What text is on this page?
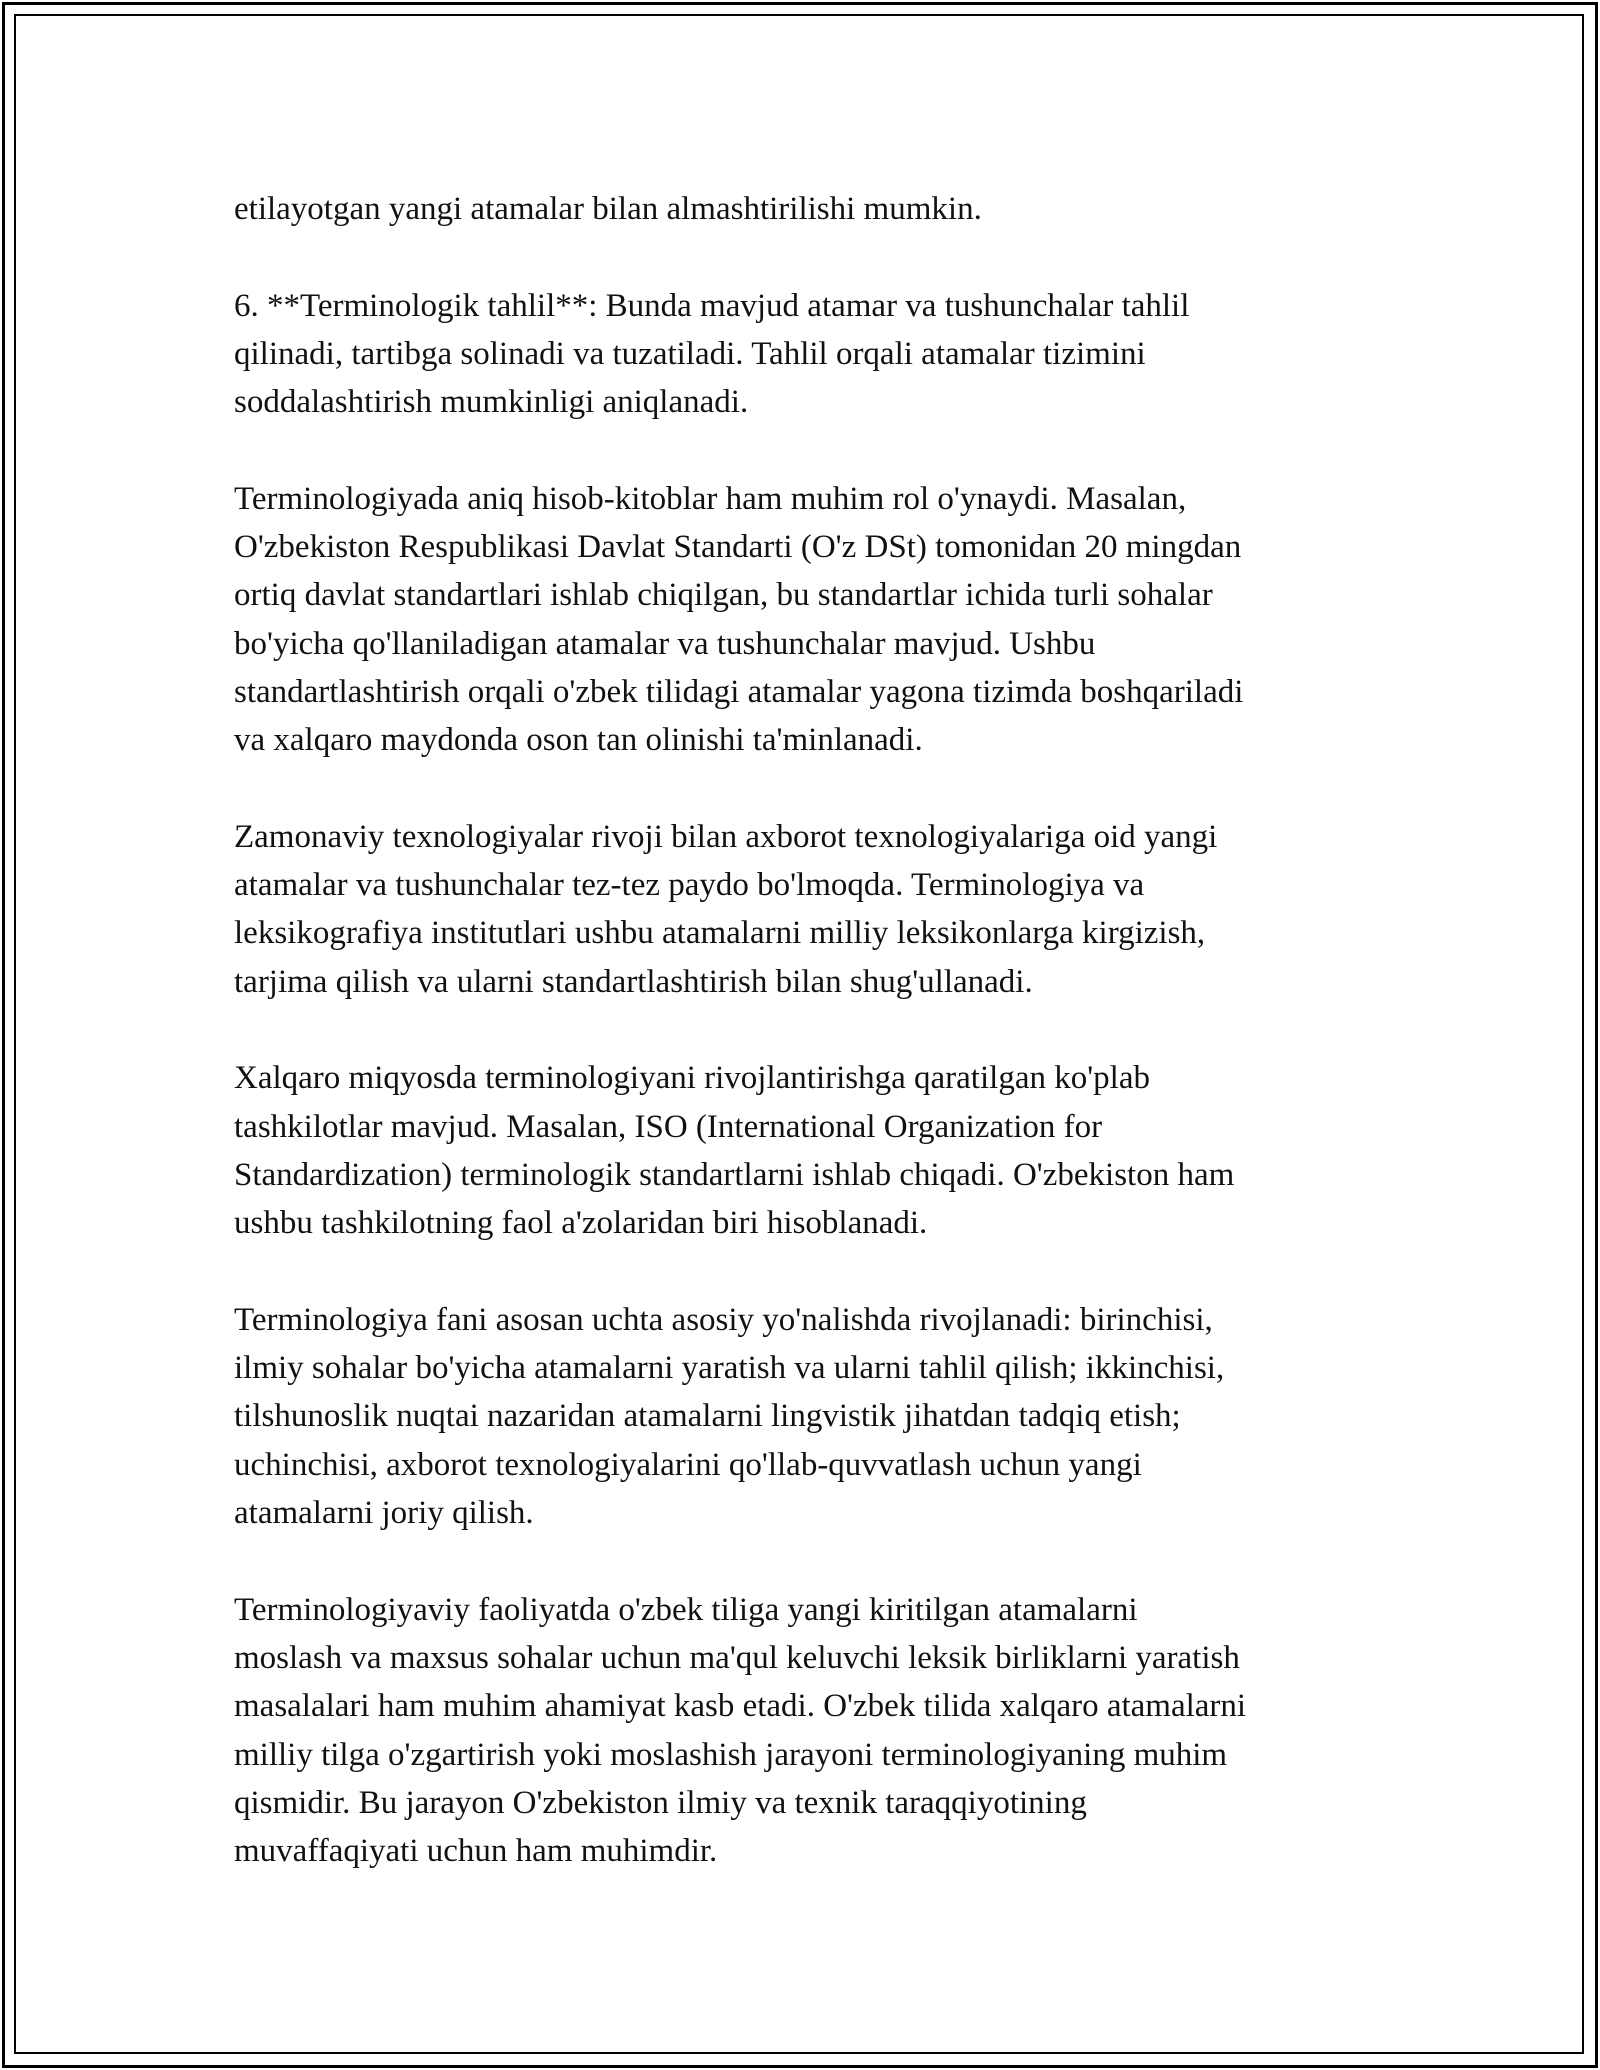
etilayotgan yangi atamalar bilan almashtirilishi mumkin.

6. **Terminologik tahlil**: Bunda mavjud atamar va tushunchalar tahlil
qilinadi, tartibga solinadi va tuzatiladi. Tahlil orqali atamalar tizimini
soddalashtirish mumkinligi aniqlanadi.

Terminologiyada aniq hisob-kitoblar ham muhim rol o'ynaydi. Masalan,
O'zbekiston Respublikasi Davlat Standarti (O'z DSt) tomonidan 20 mingdan
ortiq davlat standartlari ishlab chiqilgan, bu standartlar ichida turli sohalar
bo'yicha qo'llaniladigan atamalar va tushunchalar mavjud. Ushbu
standartlashtirish orqali o'zbek tilidagi atamalar yagona tizimda boshqariladi
va xalqaro maydonda oson tan olinishi ta'minlanadi.

Zamonaviy texnologiyalar rivoji bilan axborot texnologiyalariga oid yangi
atamalar va tushunchalar tez-tez paydo bo'lmoqda. Terminologiya va
leksikografiya institutlari ushbu atamalarni milliy leksikonlarga kirgizish,
tarjima qilish va ularni standartlashtirish bilan shug'ullanadi.

Xalqaro miqyosda terminologiyani rivojlantirishga qaratilgan ko'plab
tashkilotlar mavjud. Masalan, ISO (International Organization for
Standardization) terminologik standartlarni ishlab chiqadi. O'zbekiston ham
ushbu tashkilotning faol a'zolaridan biri hisoblanadi.

Terminologiya fani asosan uchta asosiy yo'nalishda rivojlanadi: birinchisi,
ilmiy sohalar bo'yicha atamalarni yaratish va ularni tahlil qilish; ikkinchisi,
tilshunoslik nuqtai nazaridan atamalarni lingvistik jihatdan tadqiq etish;
uchinchisi, axborot texnologiyalarini qo'llab-quvvatlash uchun yangi
atamalarni joriy qilish.

Terminologiyaviy faoliyatda o'zbek tiliga yangi kiritilgan atamalarni
moslash va maxsus sohalar uchun ma'qul keluvchi leksik birliklarni yaratish
masalalari ham muhim ahamiyat kasb etadi. O'zbek tilida xalqaro atamalarni
milliy tilga o'zgartirish yoki moslashish jarayoni terminologiyaning muhim
qismidir. Bu jarayon O'zbekiston ilmiy va texnik taraqqiyotining
muvaffaqiyati uchun ham muhimdir.
